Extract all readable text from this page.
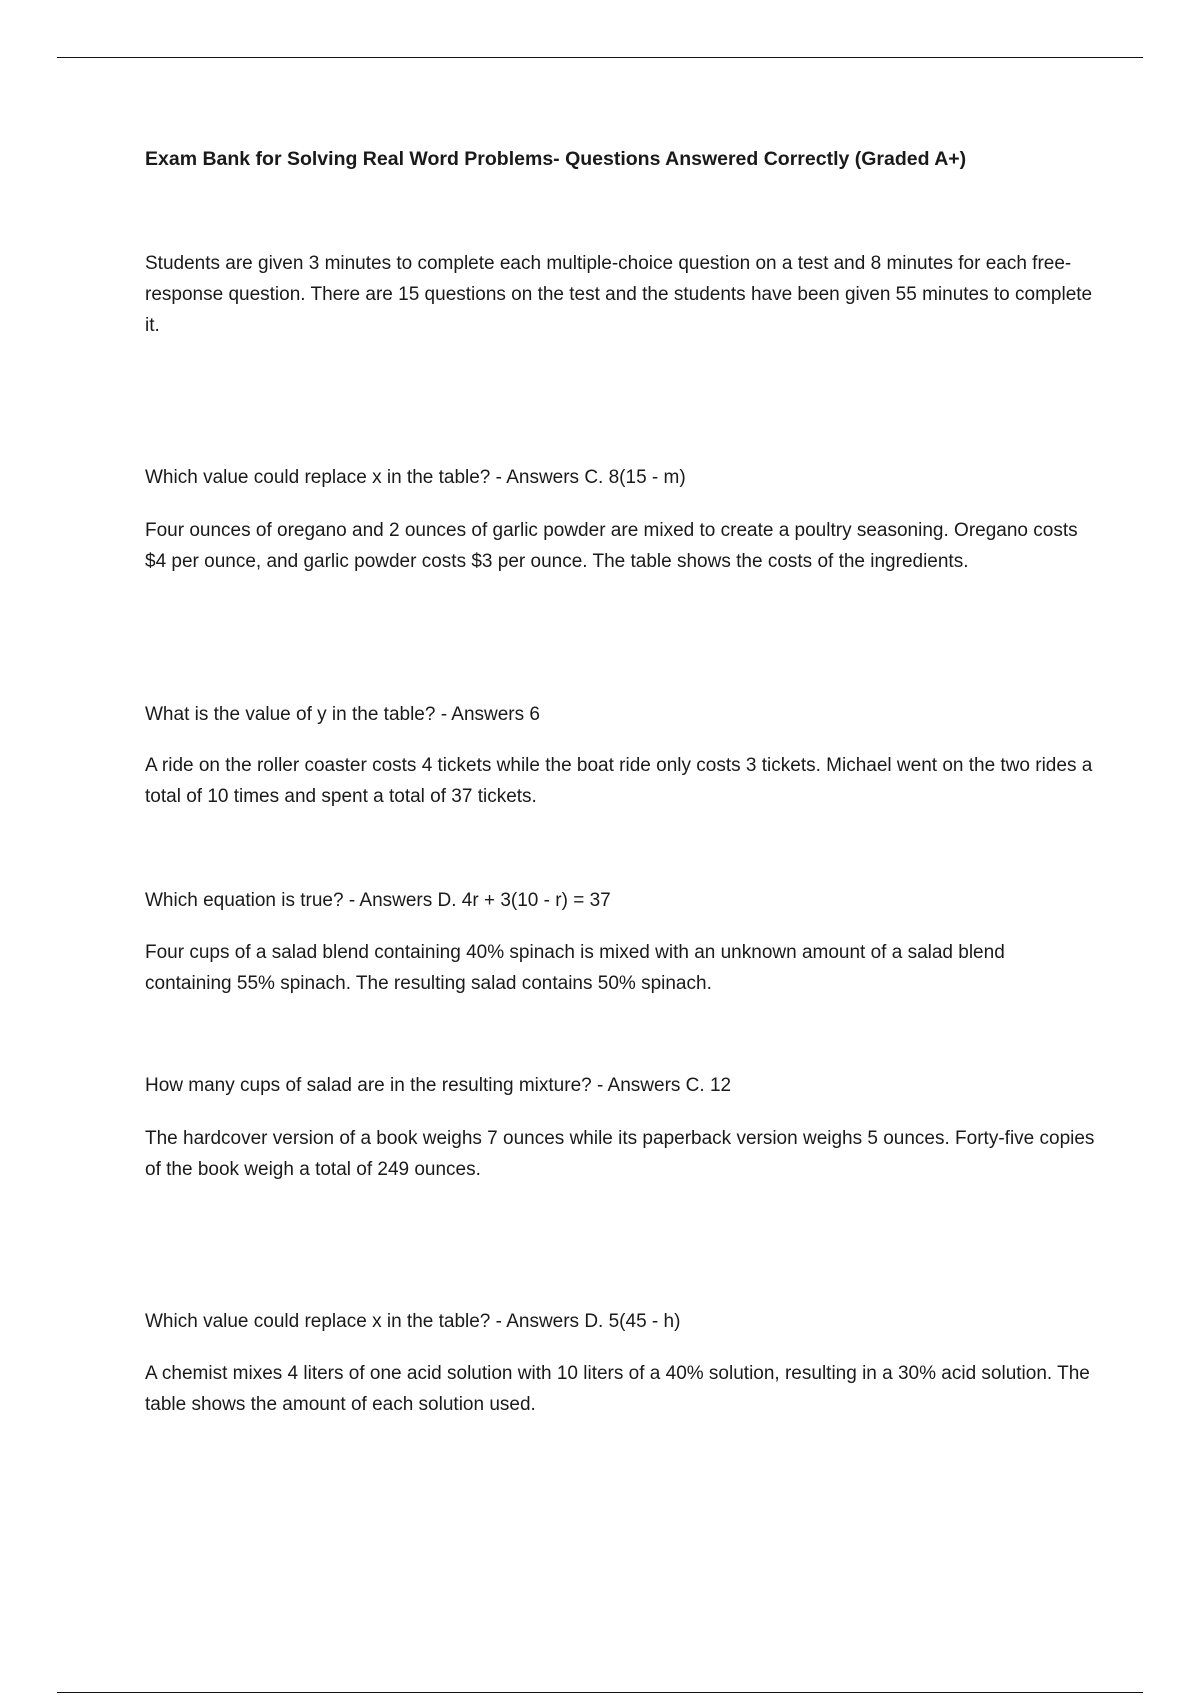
Exam Bank for Solving Real Word Problems- Questions Answered Correctly (Graded A+)

Students are given 3 minutes to complete each multiple-choice question on a test and 8 minutes for each free-response question. There are 15 questions on the test and the students have been given 55 minutes to complete it.

Which value could replace x in the table? - Answers C. 8(15 - m)

Four ounces of oregano and 2 ounces of garlic powder are mixed to create a poultry seasoning. Oregano costs $4 per ounce, and garlic powder costs $3 per ounce. The table shows the costs of the ingredients.

What is the value of y in the table? - Answers 6

A ride on the roller coaster costs 4 tickets while the boat ride only costs 3 tickets. Michael went on the two rides a total of 10 times and spent a total of 37 tickets.

Which equation is true? - Answers D. 4r + 3(10 - r) = 37

Four cups of a salad blend containing 40% spinach is mixed with an unknown amount of a salad blend containing 55% spinach. The resulting salad contains 50% spinach.

How many cups of salad are in the resulting mixture? - Answers C. 12

The hardcover version of a book weighs 7 ounces while its paperback version weighs 5 ounces. Forty-five copies of the book weigh a total of 249 ounces.

Which value could replace x in the table? - Answers D. 5(45 - h)

A chemist mixes 4 liters of one acid solution with 10 liters of a 40% solution, resulting in a 30% acid solution. The table shows the amount of each solution used.
